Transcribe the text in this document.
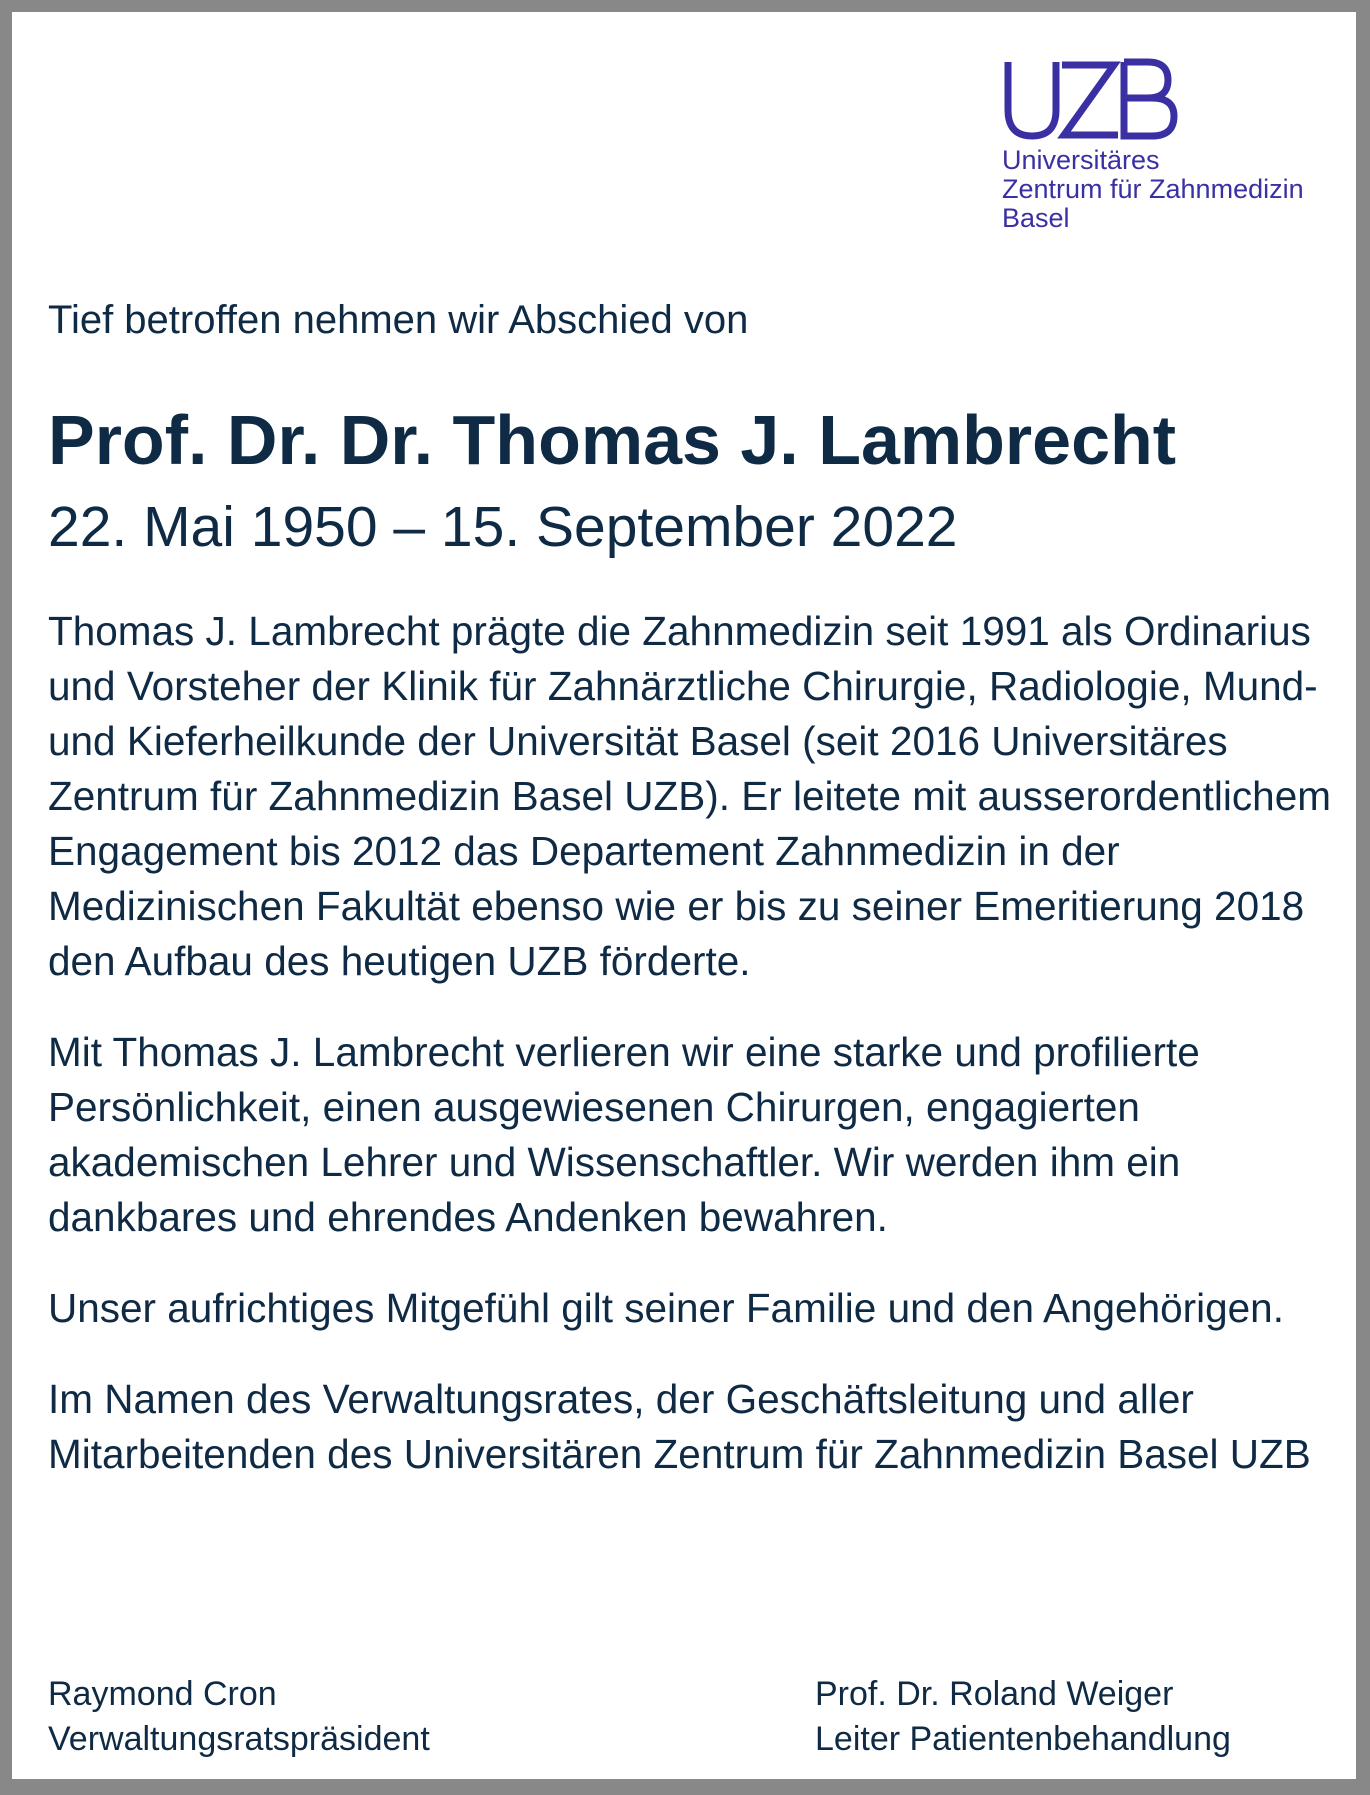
Universitäres
Zentrum für Zahnmedizin
Basel
Tief betroffen nehmen wir Abschied von
Prof. Dr. Dr. Thomas J. Lambrecht
22. Mai 1950 – 15. September 2022

Thomas J. Lambrecht prägte die Zahnmedizin seit 1991 als Ordinarius und Vorsteher der Klinik für Zahnärztliche Chirurgie, Radiologie, Mund- und Kieferheilkunde der Universität Basel (seit 2016 Universitäres Zentrum für Zahnmedizin Basel UZB). Er leitete mit ausserordentlichem Engagement bis 2012 das Departement Zahnmedizin in der Medizinischen Fakultät ebenso wie er bis zu seiner Emeritierung 2018 den Aufbau des heutigen UZB förderte.

Mit Thomas J. Lambrecht verlieren wir eine starke und profilierte Persönlichkeit, einen ausgewiesenen Chirurgen, engagierten akademischen Lehrer und Wissenschaftler. Wir werden ihm ein dankbares und ehrendes Andenken bewahren.

Unser aufrichtiges Mitgefühl gilt seiner Familie und den Angehörigen.

Im Namen des Verwaltungsrates, der Geschäftsleitung und aller Mitarbeitenden des Universitären Zentrum für Zahnmedizin Basel UZB

Raymond Cron
Verwaltungsratspräsident
Prof. Dr. Roland Weiger
Leiter Patientenbehandlung
